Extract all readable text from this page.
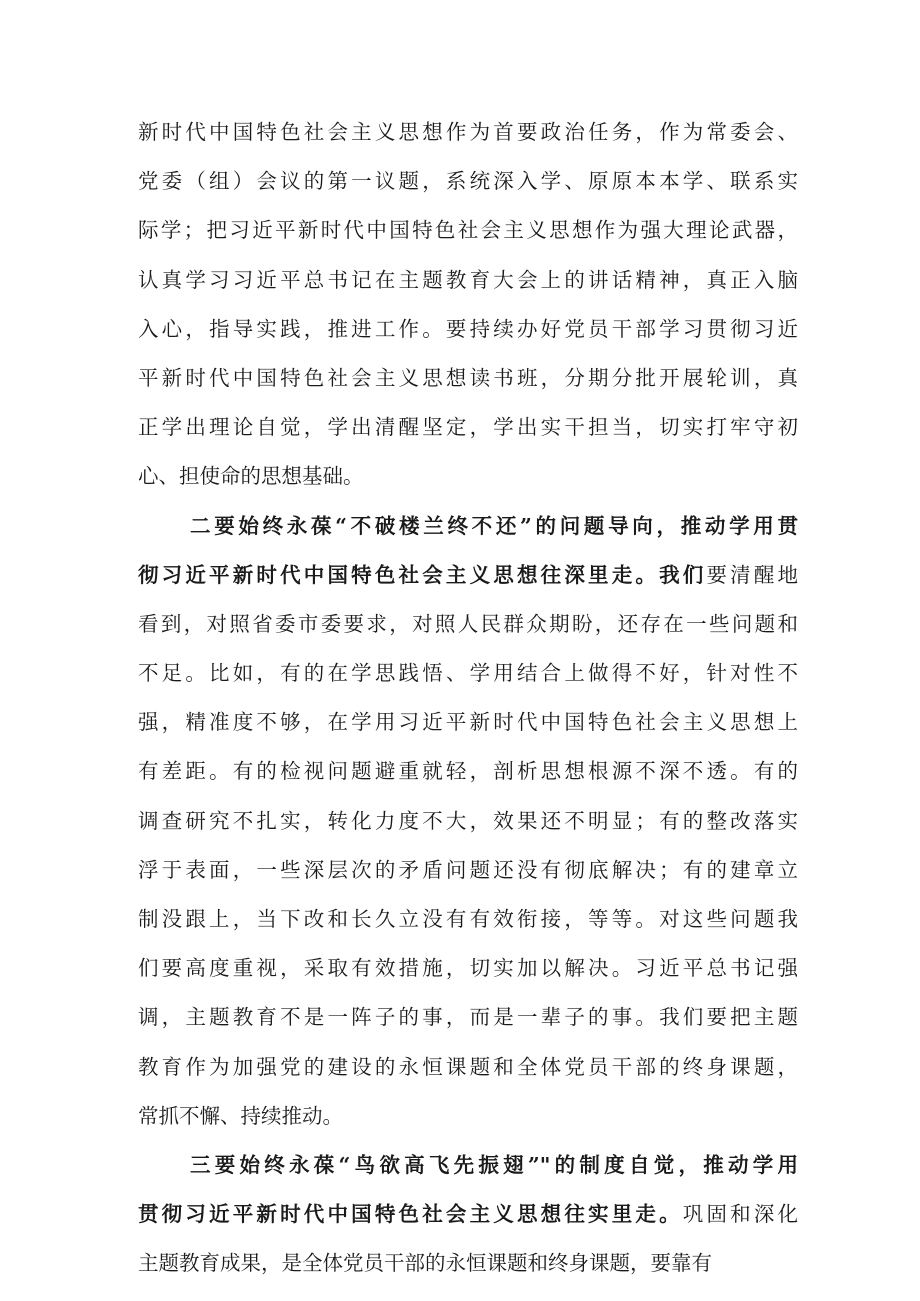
新时代中国特色社会主义思想作为首要政治任务，作为常委会、
党委（组）会议的第一议题，系统深入学、原原本本学、联系实
际学；把习近平新时代中国特色社会主义思想作为强大理论武器，
认真学习习近平总书记在主题教育大会上的讲话精神，真正入脑
入心，指导实践，推进工作。要持续办好党员干部学习贯彻习近
平新时代中国特色社会主义思想读书班，分期分批开展轮训，真
正学出理论自觉，学出清醒坚定，学出实干担当，切实打牢守初
心、担使命的思想基础。
二要始终永葆“不破楼兰终不还”的问题导向，推动学用贯
彻习近平新时代中国特色社会主义思想往深里走。我们要清醒地
看到，对照省委市委要求，对照人民群众期盼，还存在一些问题和
不足。比如，有的在学思践悟、学用结合上做得不好，针对性不
强，精准度不够，在学用习近平新时代中国特色社会主义思想上
有差距。有的检视问题避重就轻，剖析思想根源不深不透。有的
调查研究不扎实，转化力度不大，效果还不明显；有的整改落实
浮于表面，一些深层次的矛盾问题还没有彻底解决；有的建章立
制没跟上，当下改和长久立没有有效衔接，等等。对这些问题我
们要高度重视，采取有效措施，切实加以解决。习近平总书记强
调，主题教育不是一阵子的事，而是一辈子的事。我们要把主题
教育作为加强党的建设的永恒课题和全体党员干部的终身课题，
常抓不懈、持续推动。
三要始终永葆“鸟欲高飞先振翅”"的制度自觉，推动学用
贯彻习近平新时代中国特色社会主义思想往实里走。巩固和深化
主题教育成果，是全体党员干部的永恒课题和终身课题，要靠有
